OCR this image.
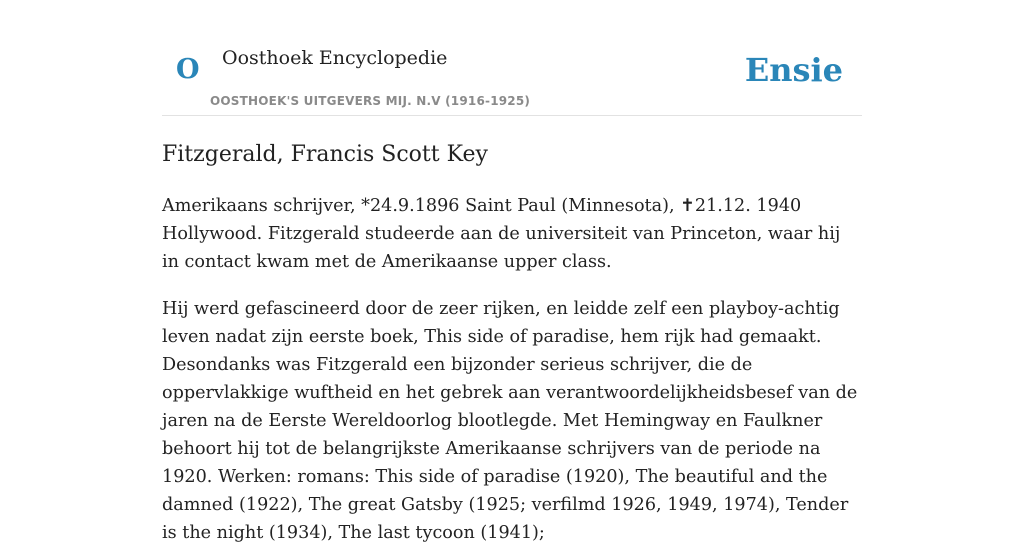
O Oosthoek Encyclopedie
OOSTHOEK'S UITGEVERS MIJ. N.V (1916-1925)
Ensie
Fitzgerald, Francis Scott Key

Amerikaans schrijver, *24.9.1896 Saint Paul (Minnesota), ✝21.12. 1940 Hollywood. Fitzgerald studeerde aan de universiteit van Princeton, waar hij in contact kwam met de Amerikaanse upper class.

Hij werd gefascineerd door de zeer rijken, en leidde zelf een playboy-achtig leven nadat zijn eerste boek, This side of paradise, hem rijk had gemaakt. Desondanks was Fitzgerald een bijzonder serieus schrijver, die de oppervlakkige wuftheid en het gebrek aan verantwoordelijkheidsbesef van de jaren na de Eerste Wereldoorlog blootlegde. Met Hemingway en Faulkner behoort hij tot de belangrijkste Amerikaanse schrijvers van de periode na 1920. Werken: romans: This side of paradise (1920), The beautiful and the damned (1922), The great Gatsby (1925; verfilmd 1926, 1949, 1974), Tender is the night (1934), The last tycoon (1941);
